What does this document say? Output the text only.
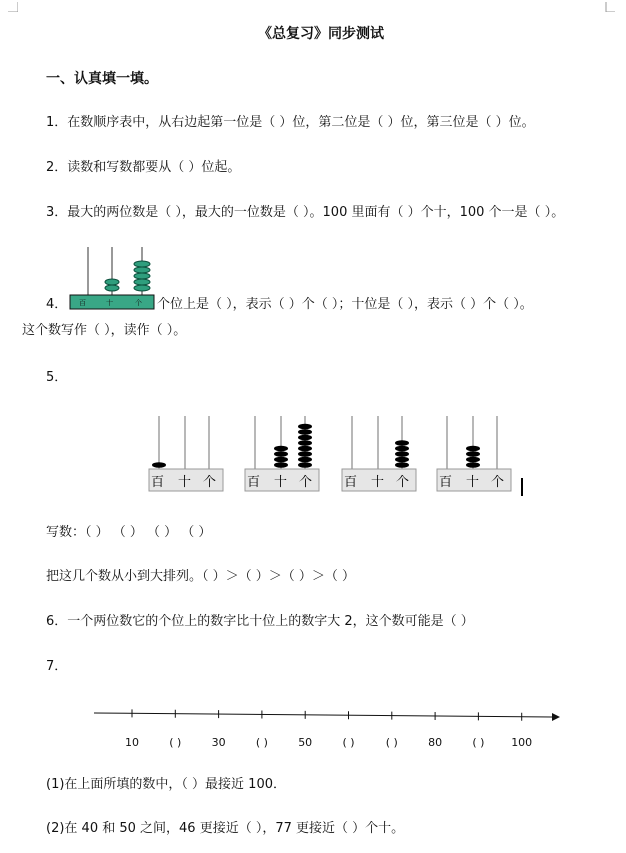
《总复习》同步测试
一、认真填一填。
1．在数顺序表中，从右边起第一位是（ ）位，第二位是（ ）位，第三位是（ ）位。
2．读数和写数都要从（ ）位起。
3．最大的两位数是（ ），最大的一位数是（ ）。100 里面有（ ）个十，100 个一是（ ）。
百	十	个
4．	个位上是（ ），表示（ ）个（ ）；十位是（ ），表示（ ）个（ ）。
这个数写作（ ），读作（ ）。
5．
百 十 个 百 十 个 百 十 个 百 十 个
写数：（ ） （ ） （ ） （ ）
把这几个数从小到大排列。（ ）＞（ ）＞（ ）＞（ ）
6．一个两位数它的个位上的数字比十位上的数字大 2，这个数可能是（ ）
7．
10	( )	30	( )	50	( )	( )	80	( ) 100
(1)在上面所填的数中，（ ）最接近 100．
(2)在 40 和 50 之间，46 更接近（ ），77 更接近（ ）个十。
